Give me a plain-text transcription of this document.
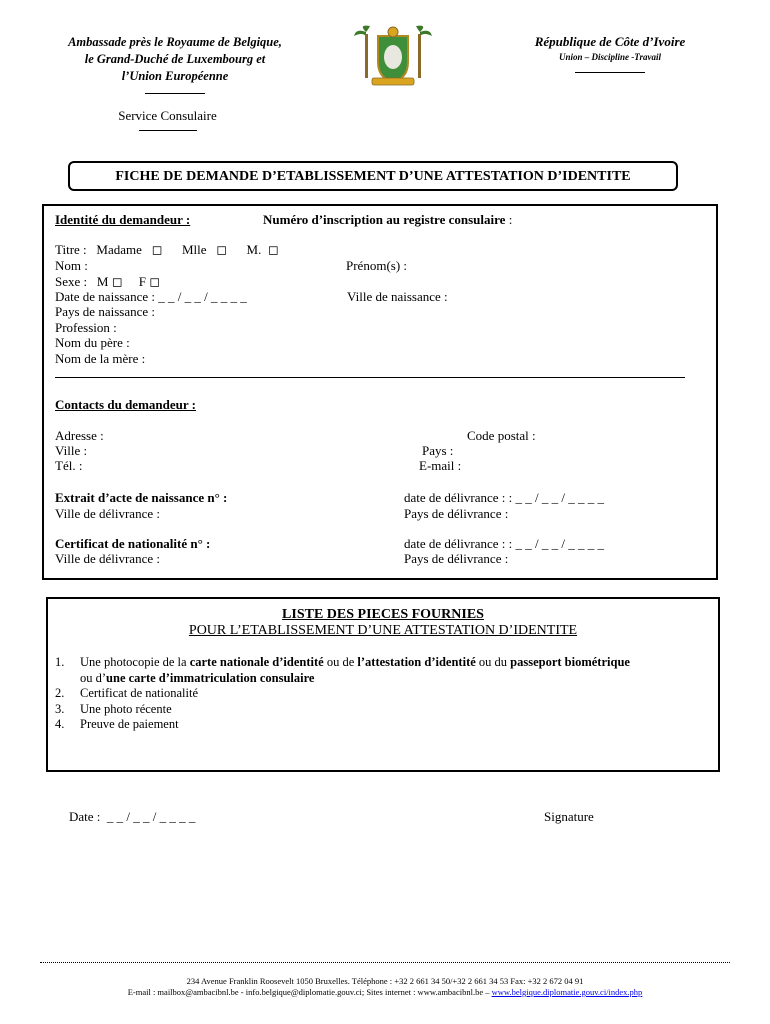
Ambassade près le Royaume de Belgique,
le Grand-Duché de Luxembourg et
l’Union Européenne
Service Consulaire
République de Côte d’Ivoire
Union – Discipline -Travail
FICHE DE DEMANDE D’ETABLISSEMENT D’UNE ATTESTATION D’IDENTITE
Identité du demandeur :	Numéro d’inscription au registre consulaire :
Titre :   Madame   ◻      Mlle   ◻      M.  ◻
Nom :	Prénom(s) :
Sexe :   M ◻     F ◻
Date de naissance : _ _ / _ _ / _ _ _ _	Ville de naissance :
Pays de naissance :
Profession :
Nom du père :
Nom de la mère :
Contacts du demandeur :
Adresse :	Code postal :
Ville :	Pays :
Tél. :	E-mail :
Extrait d’acte de naissance n° :	date de délivrance : : _ _ / _ _ / _ _ _ _
Ville de délivrance :	Pays de délivrance :
Certificat de nationalité n° :	date de délivrance : : _ _ / _ _ / _ _ _ _
Ville de délivrance :	Pays de délivrance :
LISTE DES PIECES FOURNIES
POUR L’ETABLISSEMENT D’UNE ATTESTATION D’IDENTITE
1. Une photocopie de la carte nationale d’identité ou de l’attestation d’identité ou du passeport biométrique
ou d’une carte d’immatriculation consulaire
2. Certificat de nationalité
3. Une photo récente
4. Preuve de paiement
Date :  _ _ / _ _ / _ _ _ _	Signature
234 Avenue Franklin Roosevelt 1050 Bruxelles. Téléphone : +32 2 661 34 50/+32 2 661 34 53 Fax: +32 2 672 04 91
E-mail : mailbox@ambacibnl.be - info.belgique@diplomatie.gouv.ci; Sites internet : www.ambacibnl.be – www.belgique.diplomatie.gouv.ci/index.php
